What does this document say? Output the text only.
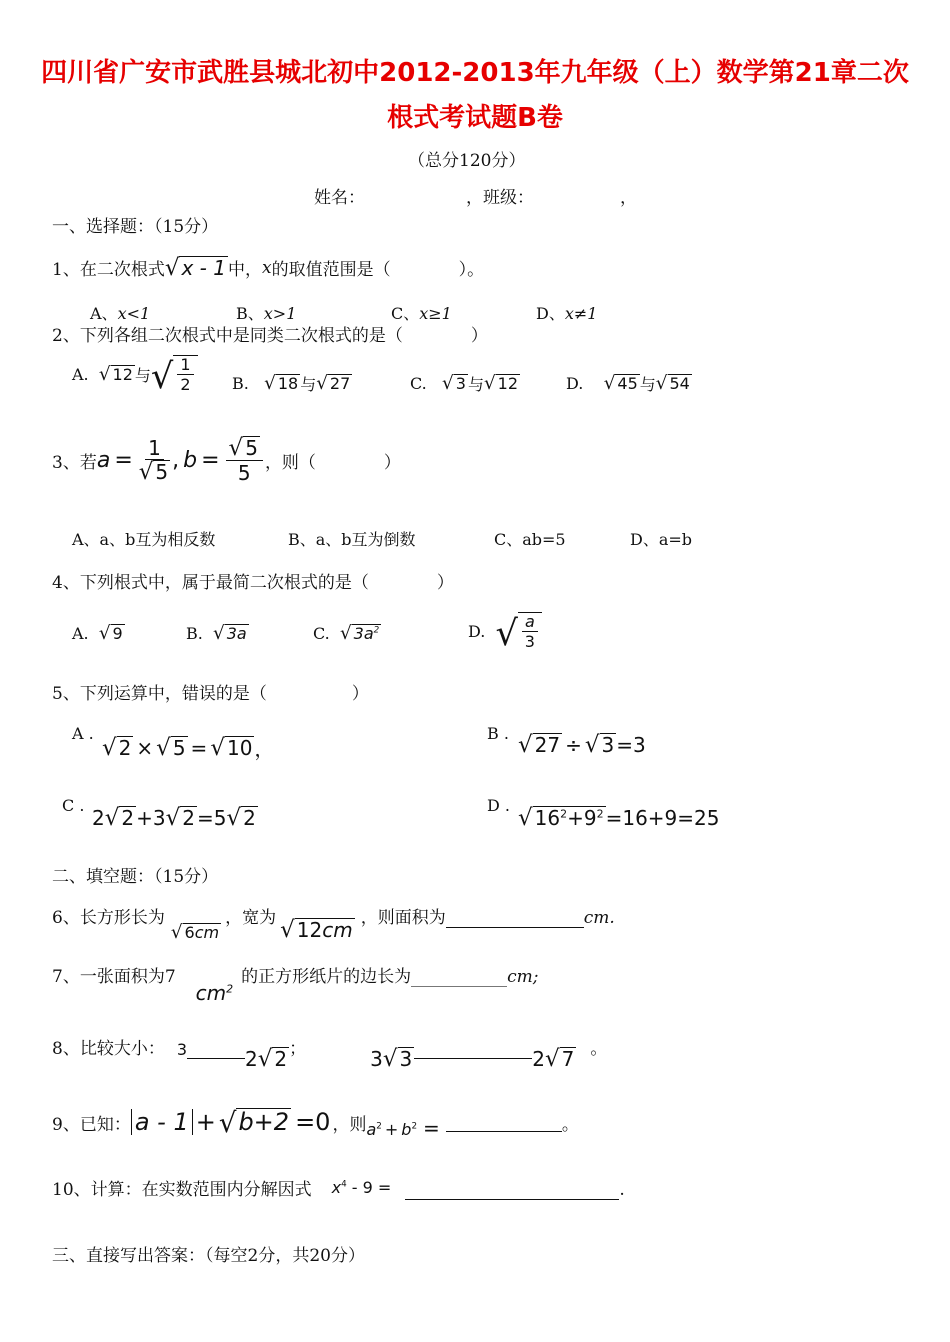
四川省广安市武胜县城北初中2012-2013年九年级（上）数学第21章二次
根式考试题B卷
（总分120分）
姓名：	，班级：	，
一、选择题：（15分）
1、在二次根式 √ x - 1 中， x 的取值范围是（　　　　）。
A、x<1	B、x>1	C、x≥1	D、x≠1
2、下列各组二次根式中是同类二次根式的是（　　　　）
A.
√ 12 与 √ $\frac{1}{2} B$.
√ 18 与 √ 27	C.
√ 3 与 √ 12	D.
√ 45 与 √ 54
3、若 $a = \frac{1}{√ 5}$ , $b = \frac{√ 5}{5}$ ，则（　　　　）
A、a、b互为相反数	B、a、b互为倒数	C、ab=5	D、a=b
4、下列根式中，属于最简二次根式的是（　　　　）
A.
√ 9	B.
√ 3a	C.
√ $3a^2$	D.
√ $\frac{a}{3}$
5、下列运算中，错误的是（　　　　　）
A .
√ 2 × √ 5 = √ 10 ，
B . √ 27 ÷ √ 3 =3
C .
2 √ 2 +3 √ 2 =5 √ 2
D . √ $16^2+9^2 =16+9=25$
二、填空题：（15分）
6、长方形长为
√ 6cm
，宽为 √ 12cm ，则面积为	cm.
7、一张面积为7
$cm^2$
的正方形纸片的边长为	cm;
8、比较大小： 3	2 √ 2 ；	3 √ 3	2 √ 7 。
9、已知： a - 1 + √ b+2 =0 ，则 $a^2 + b^2$ =	。
10、计算：在实数范围内分解因式 $x^4 - 9$ =	.
三、直接写出答案：（每空2分，共20分）
